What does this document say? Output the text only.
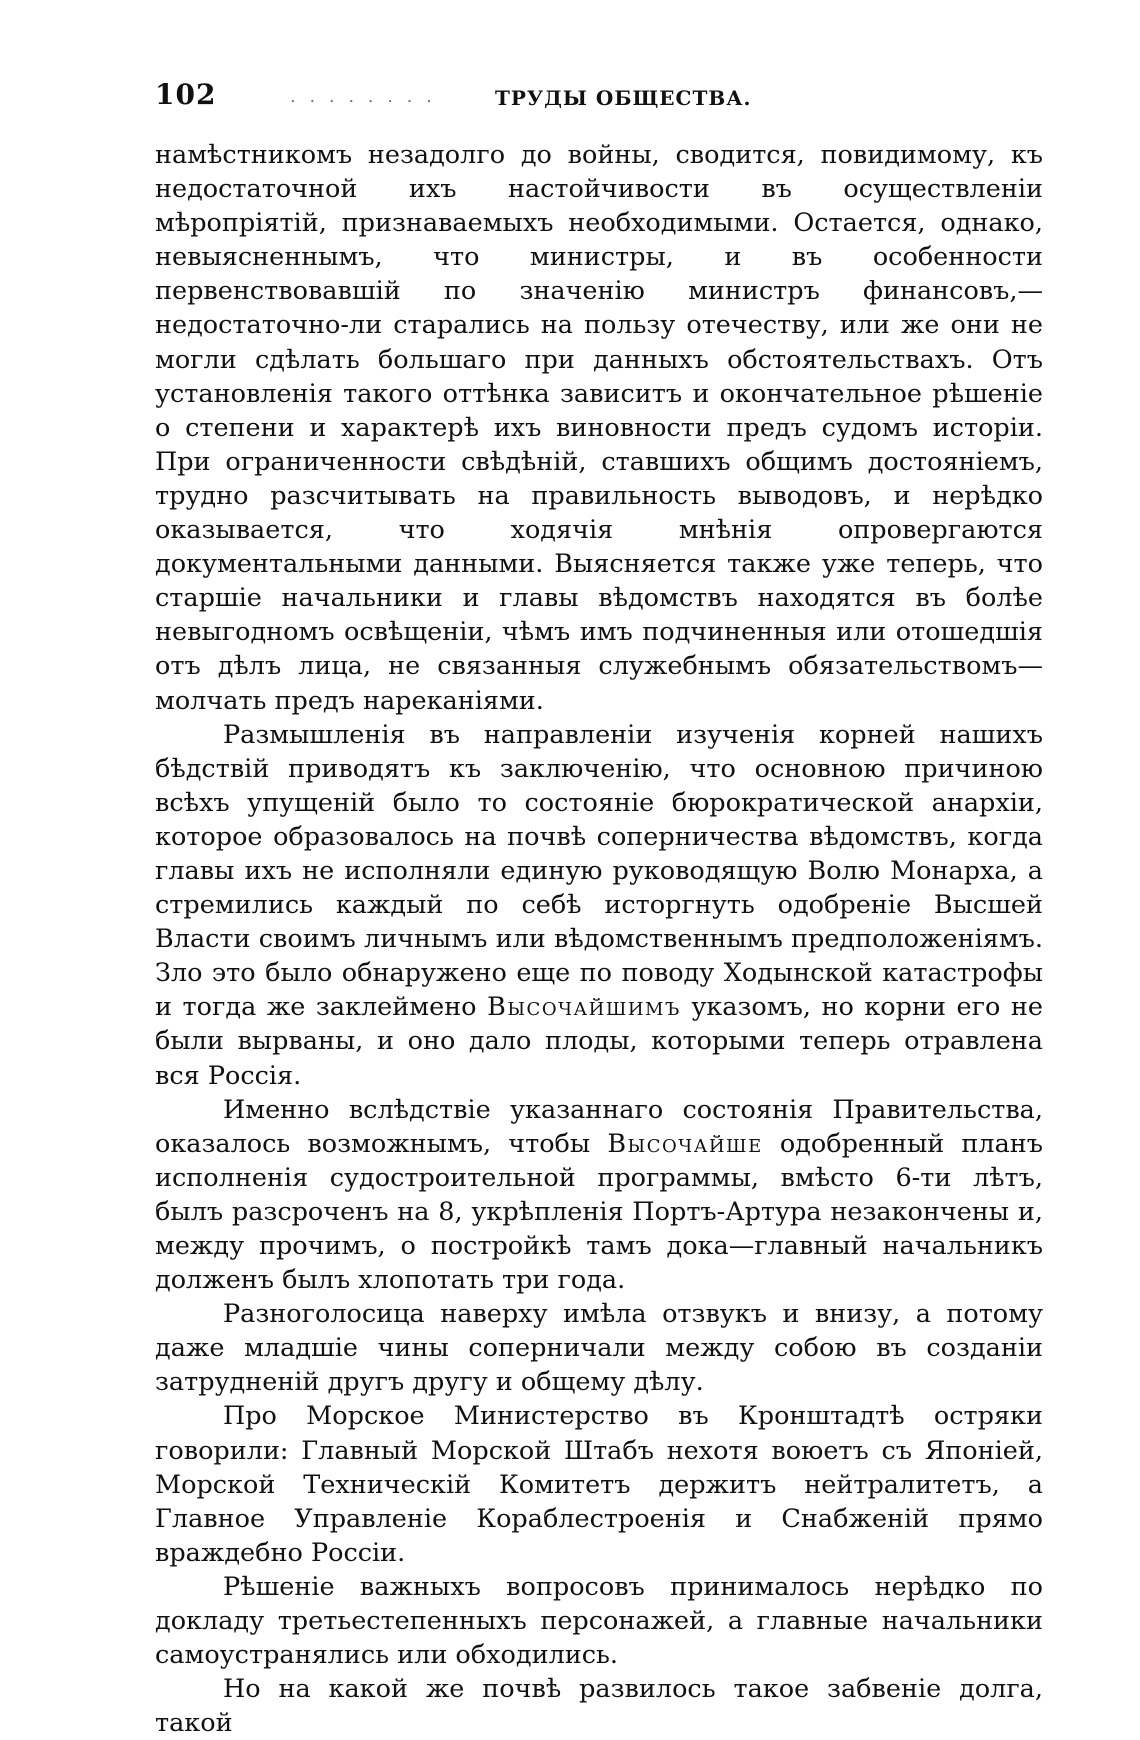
102	. . . . . . . .	ТРУДЫ ОБЩЕСТВА.

намѣстникомъ незадолго до войны, сводится, повидимому, къ недостаточной ихъ настойчивости въ осуществленіи мѣропріятій, признаваемыхъ необходимыми. Остается, однако, невыясненнымъ, что министры, и въ особенности первенствовавшій по значенію министръ финансовъ,—недостаточно-ли старались на пользу отечеству, или же они не могли сдѣлать большаго при данныхъ обстоятельствахъ. Отъ установленія такого оттѣнка зависитъ и окончательное рѣшеніе о степени и характерѣ ихъ виновности предъ судомъ исторіи. При ограниченности свѣдѣній, ставшихъ общимъ достояніемъ, трудно разсчитывать на правильность выводовъ, и нерѣдко оказывается, что ходячія мнѣнія опровергаются документальными данными. Выясняется также уже теперь, что старшіе начальники и главы вѣдомствъ находятся въ болѣе невыгодномъ освѣщеніи, чѣмъ имъ подчиненныя или отошедшія отъ дѣлъ лица, не связанныя служебнымъ обязательствомъ—молчать предъ нареканіями.

Размышленія въ направленіи изученія корней нашихъ бѣдствій приводятъ къ заключенію, что основною причиною всѣхъ упущеній было то состояніе бюрократической анархіи, которое образовалось на почвѣ соперничества вѣдомствъ, когда главы ихъ не исполняли единую руководящую Волю Монарха, а стремились каждый по себѣ исторгнуть одобреніе Высшей Власти своимъ личнымъ или вѣдомственнымъ предположеніямъ. Зло это было обнаружено еще по поводу Ходынской катастрофы и тогда же заклеймено Высочайшимъ указомъ, но корни его не были вырваны, и оно дало плоды, которыми теперь отравлена вся Россія.

Именно вслѣдствіе указаннаго состоянія Правительства, оказалось возможнымъ, чтобы Высочайше одобренный планъ исполненія судостроительной программы, вмѣсто 6-ти лѣтъ, былъ разсроченъ на 8, укрѣпленія Портъ-Артура незакончены и, между прочимъ, о постройкѣ тамъ дока—главный начальникъ долженъ былъ хлопотать три года.

Разноголосица наверху имѣла отзвукъ и внизу, а потому даже младшіе чины соперничали между собою въ созданіи затрудненій другъ другу и общему дѣлу.

Про Морское Министерство въ Кронштадтѣ остряки говорили: Главный Морской Штабъ нехотя воюетъ съ Японіей, Морской Техническій Комитетъ держитъ нейтралитетъ, а Главное Управленіе Кораблестроенія и Снабженій прямо враждебно Россіи.

Рѣшеніе важныхъ вопросовъ принималось нерѣдко по докладу третьестепенныхъ персонажей, а главные начальники самоустранялись или обходились.

Но на какой же почвѣ развилось такое забвеніе долга, такой
